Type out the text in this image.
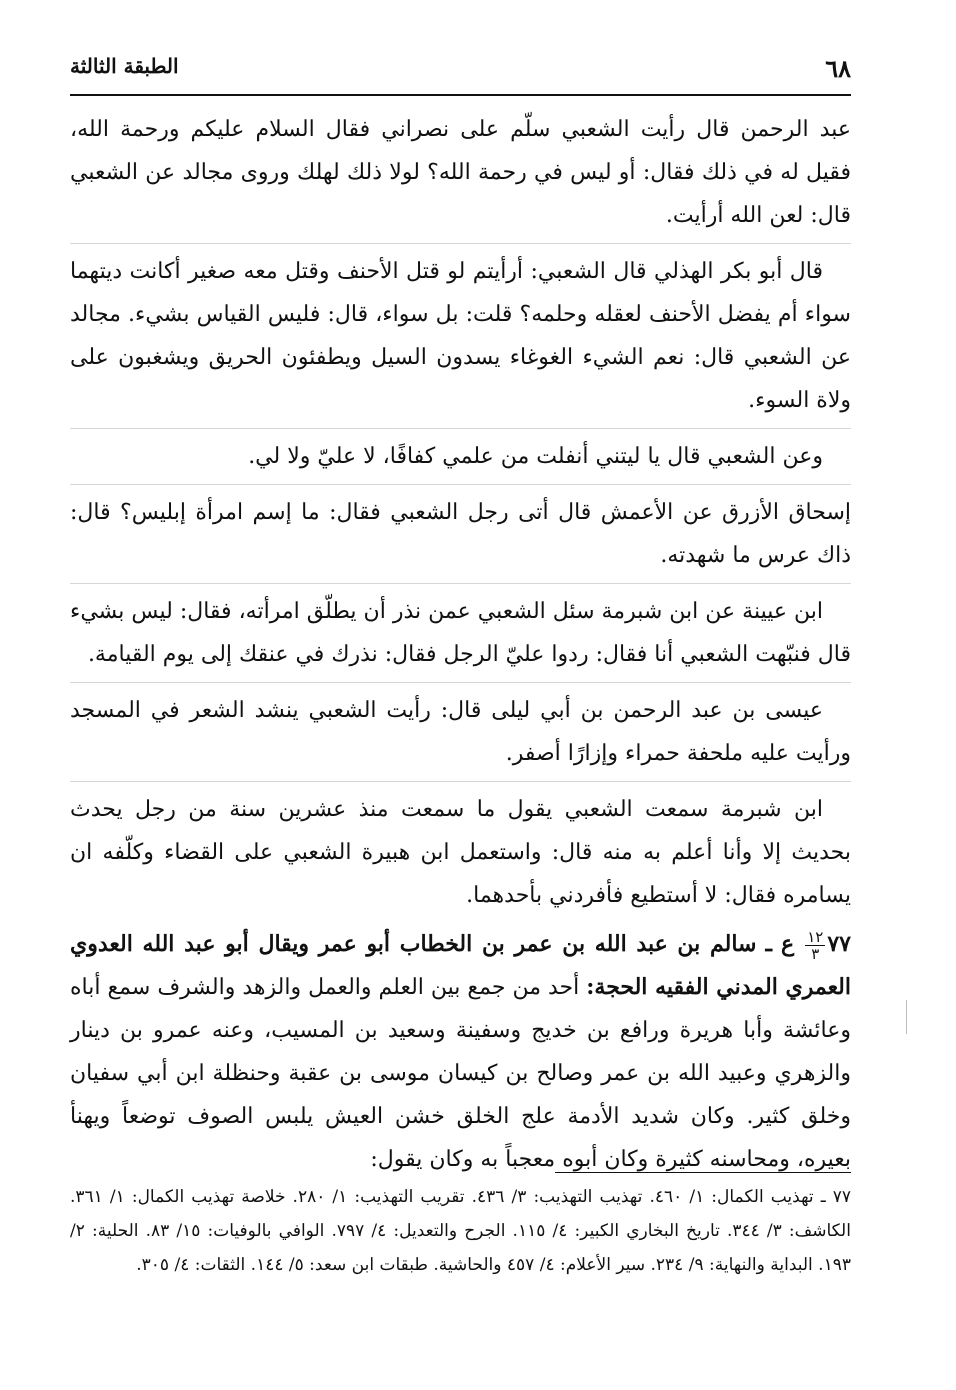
٦٨
الطبقة الثالثة

عبد الرحمن قال رأيت الشعبي سلّم على نصراني فقال السلام عليكم ورحمة الله، فقيل له في ذلك فقال: أو ليس في رحمة الله؟ لولا ذلك لهلك وروى مجالد عن الشعبي قال: لعن الله أرأيت.

قال أبو بكر الهذلي قال الشعبي: أرأيتم لو قتل الأحنف وقتل معه صغير أكانت ديتهما سواء أم يفضل الأحنف لعقله وحلمه؟ قلت: بل سواء، قال: فليس القياس بشيء. مجالد عن الشعبي قال: نعم الشيء الغوغاء يسدون السيل ويطفئون الحريق ويشغبون على ولاة السوء.

وعن الشعبي قال يا ليتني أنفلت من علمي كفافًا، لا عليّ ولا لي.

إسحاق الأزرق عن الأعمش قال أتى رجل الشعبي فقال: ما إسم امرأة إبليس؟ قال: ذاك عرس ما شهدته.

ابن عيينة عن ابن شبرمة سئل الشعبي عمن نذر أن يطلّق امرأته، فقال: ليس بشيء قال فنبّهت الشعبي أنا فقال: ردوا عليّ الرجل فقال: نذرك في عنقك إلى يوم القيامة.

عيسى بن عبد الرحمن بن أبي ليلى قال: رأيت الشعبي ينشد الشعر في المسجد ورأيت عليه ملحفة حمراء وإزارًا أصفر.

ابن شبرمة سمعت الشعبي يقول ما سمعت منذ عشرين سنة من رجل يحدث بحديث إلا وأنا أعلم به منه قال: واستعمل ابن هبيرة الشعبي على القضاء وكلّفه ان يسامره فقال: لا أستطيع فأفردني بأحدهما.

٧٧
$\frac{١٢}{٣}$
ع ـ سالم بن عبد الله بن عمر بن الخطاب أبو عمر ويقال أبو عبد الله العدوي العمري المدني الفقيه الحجة: أحد من جمع بين العلم والعمل والزهد والشرف سمع أباه وعائشة وأبا هريرة ورافع بن خديج وسفينة وسعيد بن المسيب، وعنه عمرو بن دينار والزهري وعبيد الله بن عمر وصالح بن كيسان موسى بن عقبة وحنظلة ابن أبي سفيان وخلق كثير. وكان شديد الأدمة علج الخلق خشن العيش يلبس الصوف توضعاً ويهنأ بعيره، ومحاسنه كثيرة وكان أبوه معجباً به وكان يقول:

٧٧ ـ تهذيب الكمال: ١/ ٤٦٠. تهذيب التهذيب: ٣/ ٤٣٦. تقريب التهذيب: ١/ ٢٨٠. خلاصة تهذيب الكمال: ١/ ٣٦١. الكاشف: ٣/ ٣٤٤. تاريخ البخاري الكبير: ٤/ ١١٥. الجرح والتعديل: ٤/ ٧٩٧. الوافي بالوفيات: ١٥/ ٨٣. الحلية: ٢/ ١٩٣. البداية والنهاية: ٩/ ٢٣٤. سير الأعلام: ٤/ ٤٥٧ والحاشية. طبقات ابن سعد: ٥/ ١٤٤. الثقات: ٤/ ٣٠٥.
